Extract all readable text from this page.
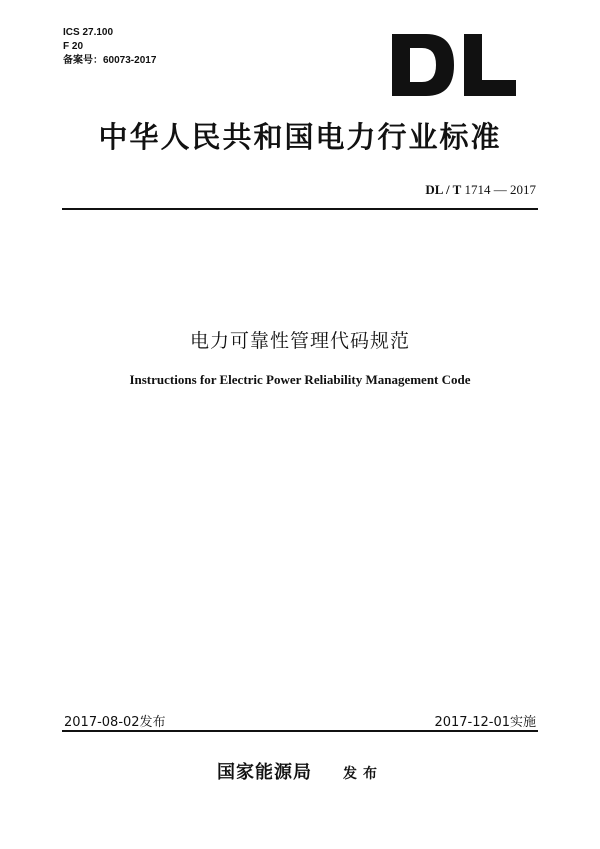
ICS 27.100
F 20
备案号：60073-2017
中华人民共和国电力行业标准
DL / T 1714 — 2017
电力可靠性管理代码规范
Instructions for Electric Power Reliability Management Code
2017-08-02发布	2017-12-01实施
国家能源局 发布
